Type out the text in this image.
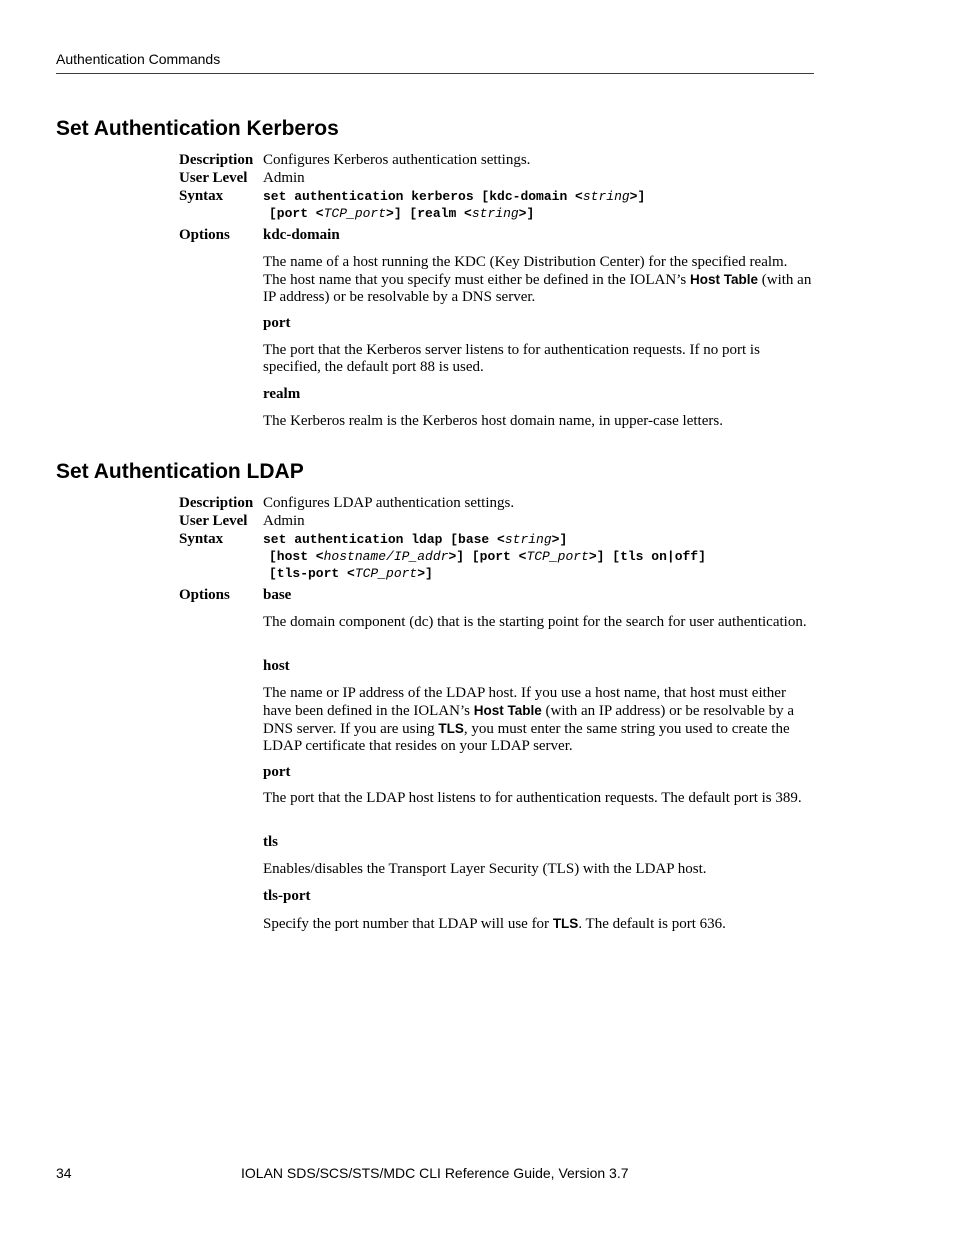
Authentication Commands
Set Authentication Kerberos
Description Configures Kerberos authentication settings.
User Level Admin
Syntax	set authentication kerberos [kdc-domain <string>]
[port <TCP_port>] [realm <string>]
Options kdc-domain
The name of a host running the KDC (Key Distribution Center) for the specified realm. The host name that you specify must either be defined in the IOLAN’s Host Table (with an IP address) or be resolvable by a DNS server.
port
The port that the Kerberos server listens to for authentication requests. If no port is specified, the default port 88 is used.
realm
The Kerberos realm is the Kerberos host domain name, in upper-case letters.
Set Authentication LDAP
Description Configures LDAP authentication settings.
User Level Admin
Syntax	set authentication ldap [base <string>]
[host <hostname/IP_addr>] [port <TCP_port>] [tls on|off]
[tls-port <TCP_port>]
Options base
The domain component (dc) that is the starting point for the search for user authentication.
host
The name or IP address of the LDAP host. If you use a host name, that host must either have been defined in the IOLAN’s Host Table (with an IP address) or be resolvable by a DNS server. If you are using TLS, you must enter the same string you used to create the LDAP certificate that resides on your LDAP server.
port
The port that the LDAP host listens to for authentication requests. The default port is 389.
tls
Enables/disables the Transport Layer Security (TLS) with the LDAP host.
tls-port
Specify the port number that LDAP will use for TLS. The default is port 636.
34	IOLAN SDS/SCS/STS/MDC CLI Reference Guide, Version 3.7
